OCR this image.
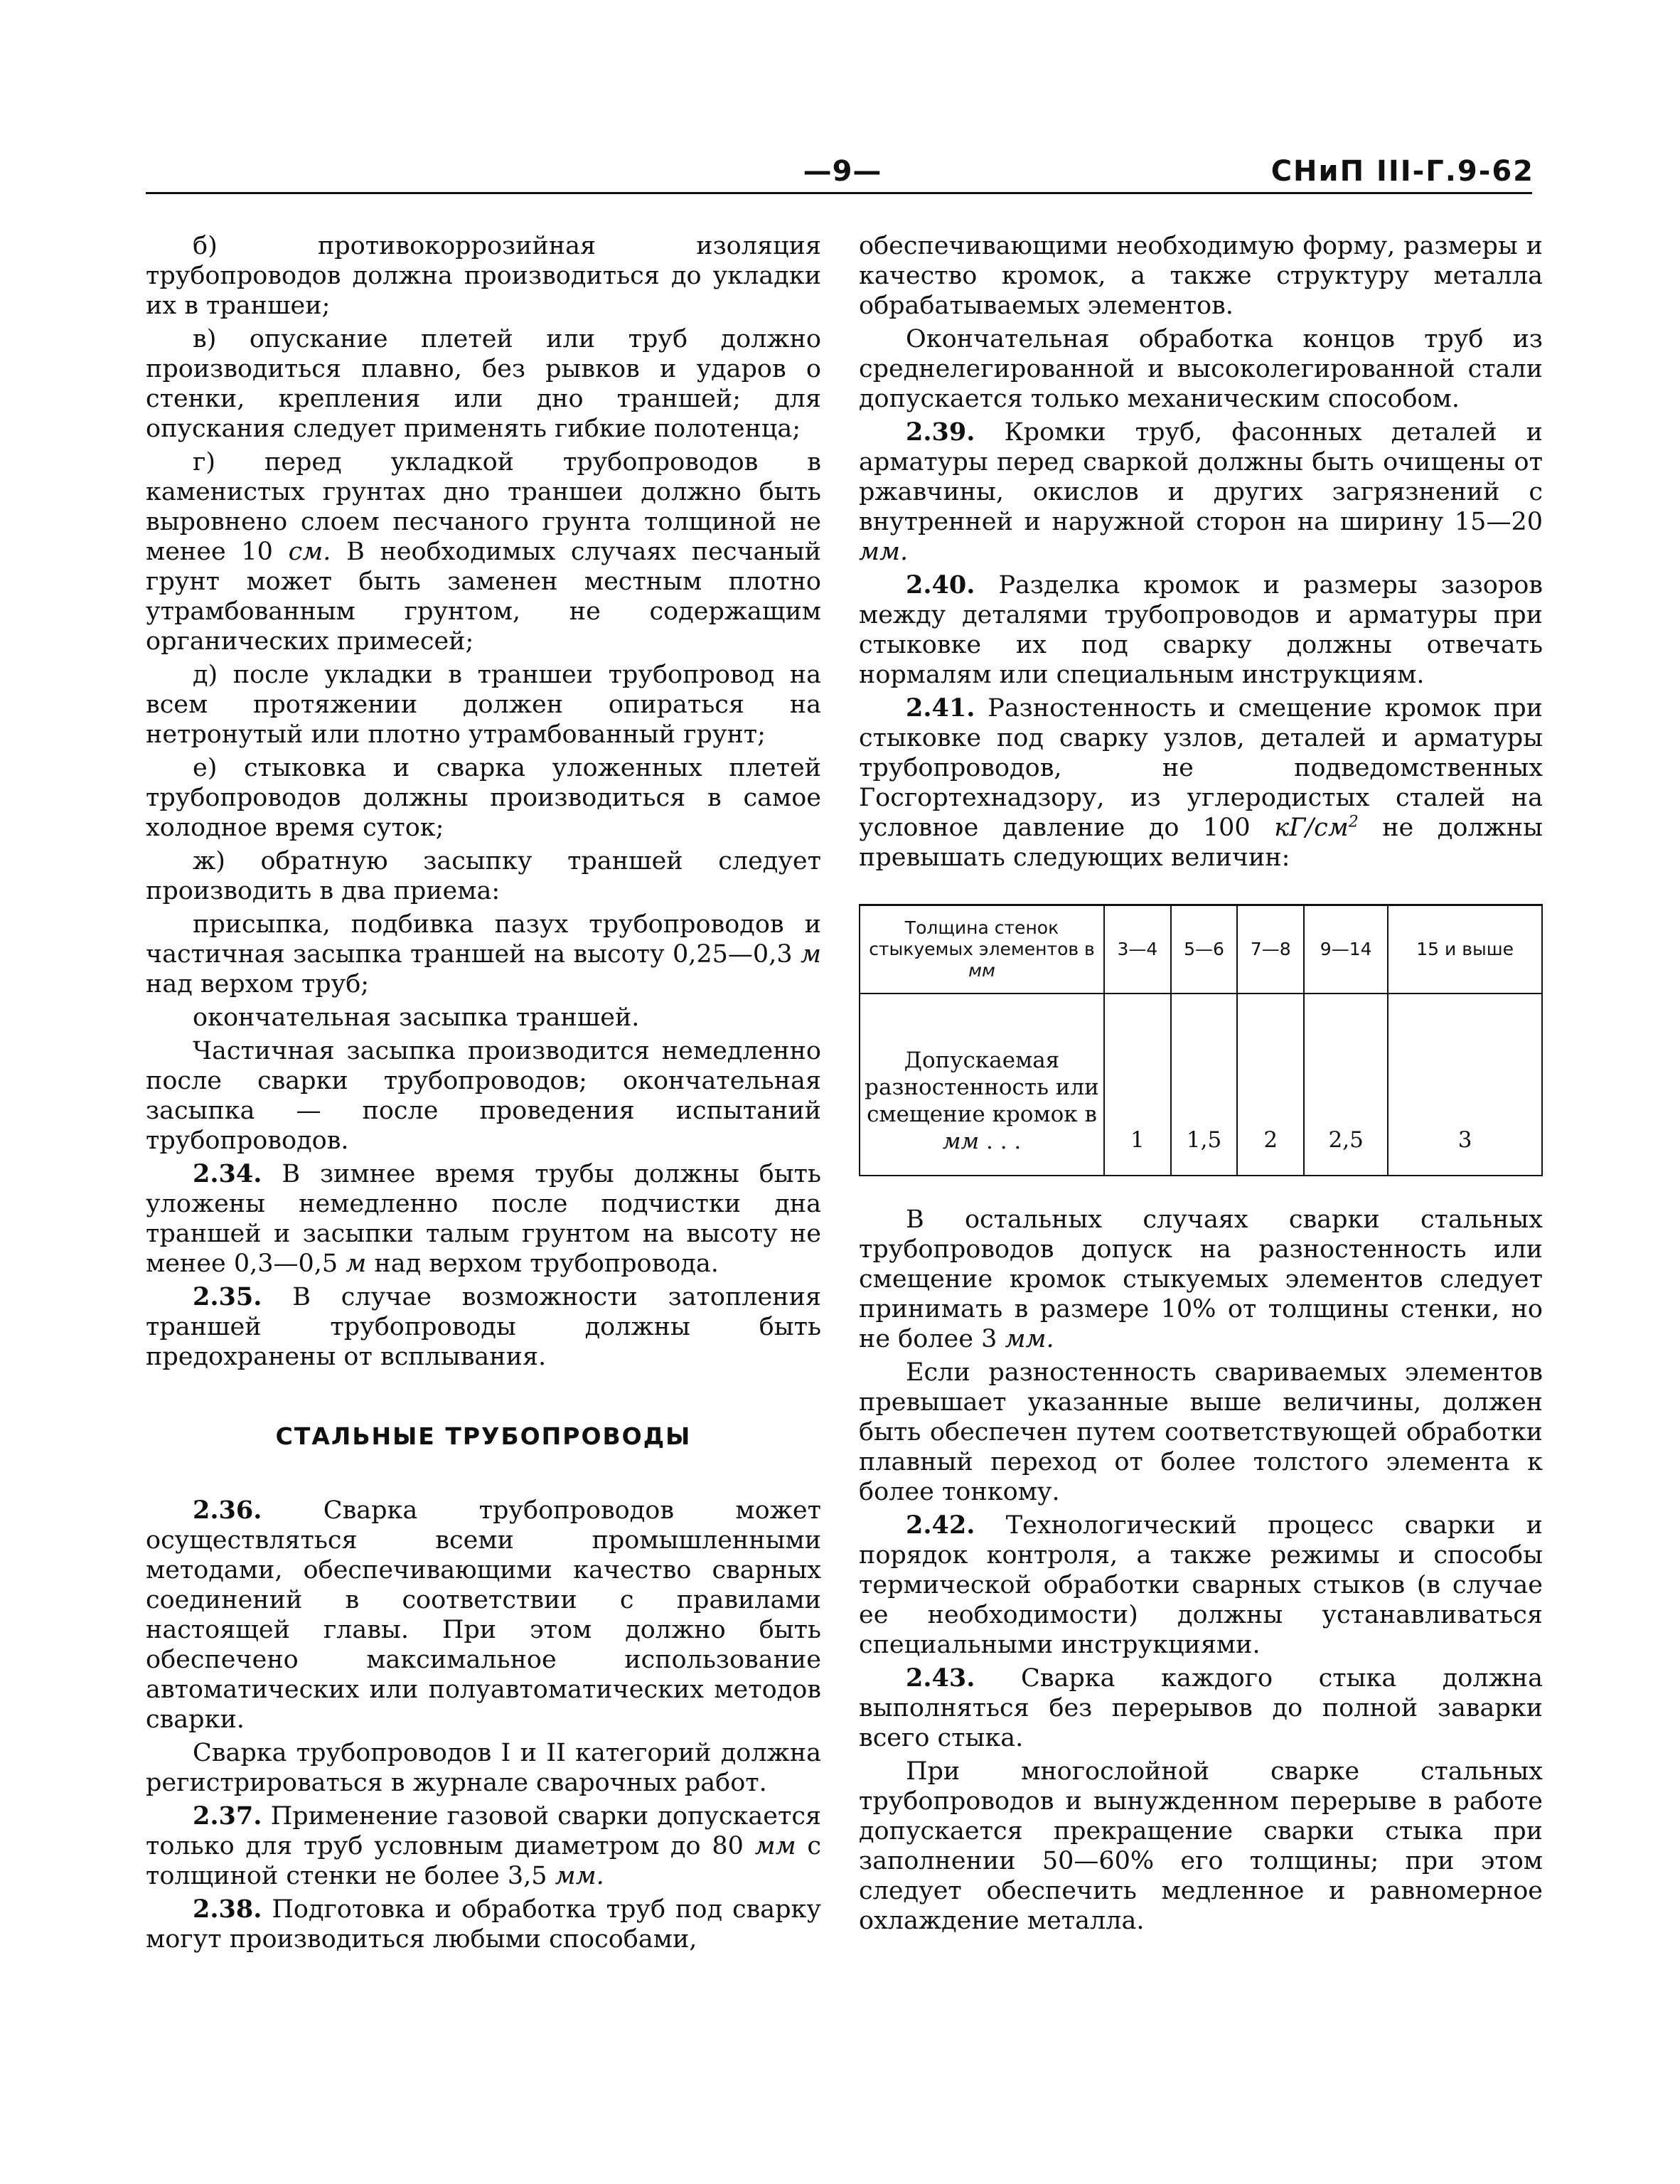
—9—	СНиП III-Г.9-62

б) противокоррозийная изоляция трубопроводов должна производиться до укладки их в траншеи;

в) опускание плетей или труб должно производиться плавно, без рывков и ударов о стенки, крепления или дно траншей; для опускания следует применять гибкие полотенца;

г) перед укладкой трубопроводов в каменистых грунтах дно траншеи должно быть выровнено слоем песчаного грунта толщиной не менее 10 см. В необходимых случаях песчаный грунт может быть заменен местным плотно утрамбованным грунтом, не содержащим органических примесей;

д) после укладки в траншеи трубопровод на всем протяжении должен опираться на нетронутый или плотно утрамбованный грунт;

е) стыковка и сварка уложенных плетей трубопроводов должны производиться в самое холодное время суток;

ж) обратную засыпку траншей следует производить в два приема:

присыпка, подбивка пазух трубопроводов и частичная засыпка траншей на высоту 0,25—0,3 м над верхом труб;

окончательная засыпка траншей.

Частичная засыпка производится немедленно после сварки трубопроводов; окончательная засыпка — после проведения испытаний трубопроводов.

2.34. В зимнее время трубы должны быть уложены немедленно после подчистки дна траншей и засыпки талым грунтом на высоту не менее 0,3—0,5 м над верхом трубопровода.

2.35. В случае возможности затопления траншей трубопроводы должны быть предохранены от всплывания.

СТАЛЬНЫЕ ТРУБОПРОВОДЫ

2.36. Сварка трубопроводов может осуществляться всеми промышленными методами, обеспечивающими качество сварных соединений в соответствии с правилами настоящей главы. При этом должно быть обеспечено максимальное использование автоматических или полуавтоматических методов сварки.

Сварка трубопроводов I и II категорий должна регистрироваться в журнале сварочных работ.

2.37. Применение газовой сварки допускается только для труб условным диаметром до 80 мм с толщиной стенки не более 3,5 мм.

2.38. Подготовка и обработка труб под сварку могут производиться любыми способами,

обеспечивающими необходимую форму, размеры и качество кромок, а также структуру металла обрабатываемых элементов.

Окончательная обработка концов труб из среднелегированной и высоколегированной стали допускается только механическим способом.

2.39. Кромки труб, фасонных деталей и арматуры перед сваркой должны быть очищены от ржавчины, окислов и других загрязнений с внутренней и наружной сторон на ширину 15—20 мм.

2.40. Разделка кромок и размеры зазоров между деталями трубопроводов и арматуры при стыковке их под сварку должны отвечать нормалям или специальным инструкциям.

2.41. Разностенность и смещение кромок при стыковке под сварку узлов, деталей и арматуры трубопроводов, не подведомственных Госгортехнадзору, из углеродистых сталей на условное давление до 100 $кГ/см^2$ не должны превышать следующих величин:

Толщина стенок стыкуемых элементов в мм	3—4	5—6	7—8	9—14	15 и выше
Допускаемая разностенность или смещение кромок в мм . . .	1	1,5	2	2,5	3

В остальных случаях сварки стальных трубопроводов допуск на разностенность или смещение кромок стыкуемых элементов следует принимать в размере 10% от толщины стенки, но не более 3 мм.

Если разностенность свариваемых элементов превышает указанные выше величины, должен быть обеспечен путем соответствующей обработки плавный переход от более толстого элемента к более тонкому.

2.42. Технологический процесс сварки и порядок контроля, а также режимы и способы термической обработки сварных стыков (в случае ее необходимости) должны устанавливаться специальными инструкциями.

2.43. Сварка каждого стыка должна выполняться без перерывов до полной заварки всего стыка.

При многослойной сварке стальных трубопроводов и вынужденном перерыве в работе допускается прекращение сварки стыка при заполнении 50—60% его толщины; при этом следует обеспечить медленное и равномерное охлаждение металла.
